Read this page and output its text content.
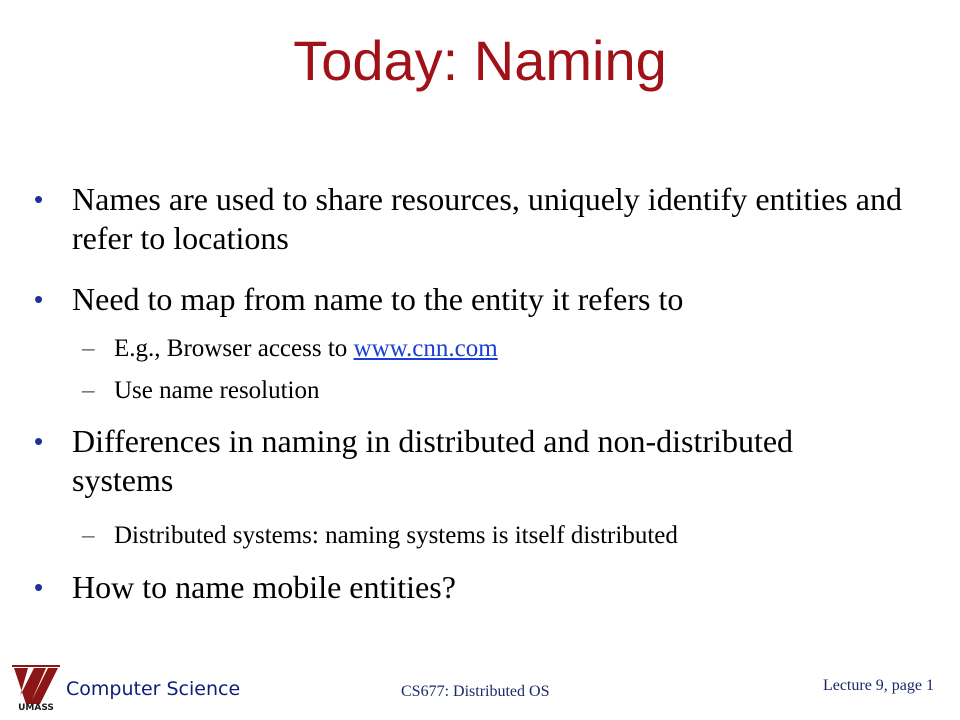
Today: Naming
• Names are used to share resources, uniquely identify entities and refer to locations
• Need to map from name to the entity it refers to
– E.g., Browser access to www.cnn.com
– Use name resolution
• Differences in naming in distributed and non-distributed systems
– Distributed systems: naming systems is itself distributed
• How to name mobile entities?
UMASS
Computer Science	CS677: Distributed OS	Lecture 9, page 1
